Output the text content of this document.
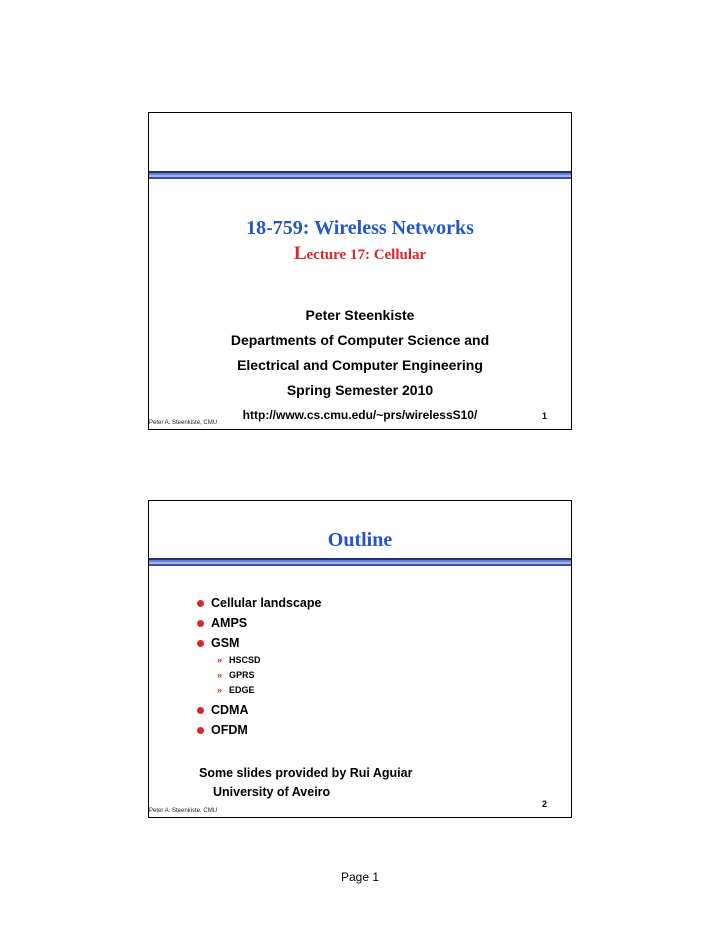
18-759: Wireless Networks
Lecture 17: Cellular
Peter Steenkiste
Departments of Computer Science and
Electrical and Computer Engineering
Spring Semester 2010
http://www.cs.cmu.edu/~prs/wirelessS10/
Peter A. Steenkiste, CMU
1
Outline
Cellular landscape
AMPS
GSM
» HSCSD
» GPRS
» EDGE
CDMA
OFDM
Some slides provided by Rui Aguiar
University of Aveiro
Peter A. Steenkiste, CMU
2
Page 1
